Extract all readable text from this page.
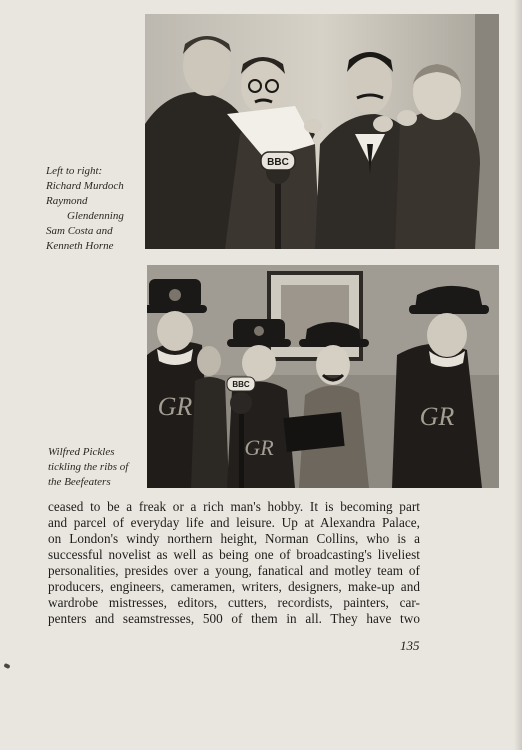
BBC
Left to right:
Richard Murdoch
Raymond
Glendenning
Sam Costa and
Kenneth Horne
GR
GR
BBC
GR
Wilfred Pickles
tickling the ribs of
the Beefeaters
ceased to be a freak or a rich man's hobby. It is becoming part
and parcel of everyday life and leisure. Up at Alexandra Palace,
on London's windy northern height, Norman Collins, who is a
successful novelist as well as being one of broadcasting's liveliest
personalities, presides over a young, fanatical and motley team of
producers, engineers, cameramen, writers, designers, make-up and
wardrobe mistresses, editors, cutters, recordists, painters, car-
penters and seamstresses, 500 of them in all. They have two
135
